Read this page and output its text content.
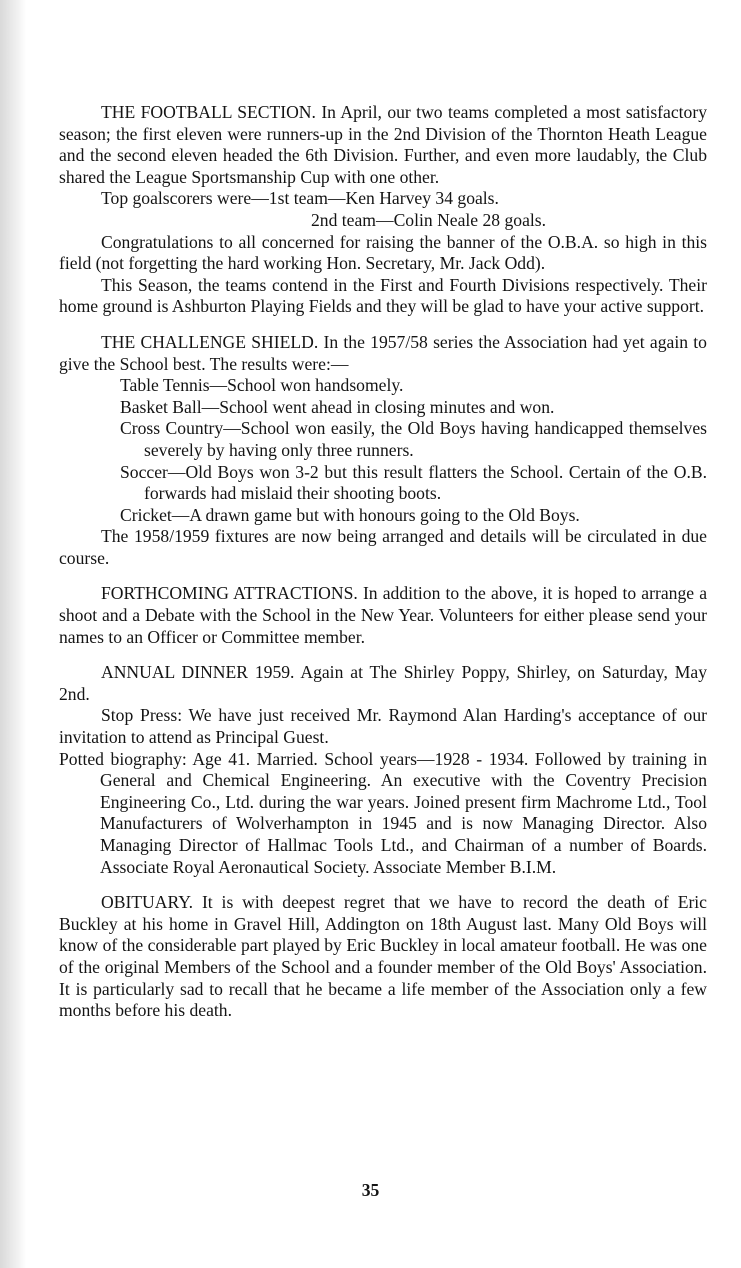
THE FOOTBALL SECTION. In April, our two teams completed a most satisfactory season; the first eleven were runners-up in the 2nd Division of the Thornton Heath League and the second eleven headed the 6th Division. Further, and even more laudably, the Club shared the League Sportsmanship Cup with one other.

Top goalscorers were—1st team—Ken Harvey 34 goals.

2nd team—Colin Neale 28 goals.

Congratulations to all concerned for raising the banner of the O.B.A. so high in this field (not forgetting the hard working Hon. Secretary, Mr. Jack Odd).

This Season, the teams contend in the First and Fourth Divisions respectively. Their home ground is Ashburton Playing Fields and they will be glad to have your active support.

THE CHALLENGE SHIELD. In the 1957/58 series the Association had yet again to give the School best. The results were:—

Table Tennis—School won handsomely.

Basket Ball—School went ahead in closing minutes and won.

Cross Country—School won easily, the Old Boys having handicapped themselves severely by having only three runners.

Soccer—Old Boys won 3-2 but this result flatters the School. Certain of the O.B. forwards had mislaid their shooting boots.

Cricket—A drawn game but with honours going to the Old Boys.

The 1958/1959 fixtures are now being arranged and details will be circulated in due course.

FORTHCOMING ATTRACTIONS. In addition to the above, it is hoped to arrange a shoot and a Debate with the School in the New Year. Volunteers for either please send your names to an Officer or Committee member.

ANNUAL DINNER 1959. Again at The Shirley Poppy, Shirley, on Saturday, May 2nd.

Stop Press: We have just received Mr. Raymond Alan Harding's acceptance of our invitation to attend as Principal Guest.

Potted biography: Age 41. Married. School years—1928 - 1934. Followed by training in General and Chemical Engineering. An executive with the Coventry Precision Engineering Co., Ltd. during the war years. Joined present firm Machrome Ltd., Tool Manufacturers of Wolverhampton in 1945 and is now Managing Director. Also Managing Director of Hallmac Tools Ltd., and Chairman of a number of Boards. Associate Royal Aeronautical Society. Associate Member B.I.M.

OBITUARY. It is with deepest regret that we have to record the death of Eric Buckley at his home in Gravel Hill, Addington on 18th August last. Many Old Boys will know of the considerable part played by Eric Buckley in local amateur football. He was one of the original Members of the School and a founder member of the Old Boys' Association. It is particularly sad to recall that he became a life member of the Association only a few months before his death.

35
